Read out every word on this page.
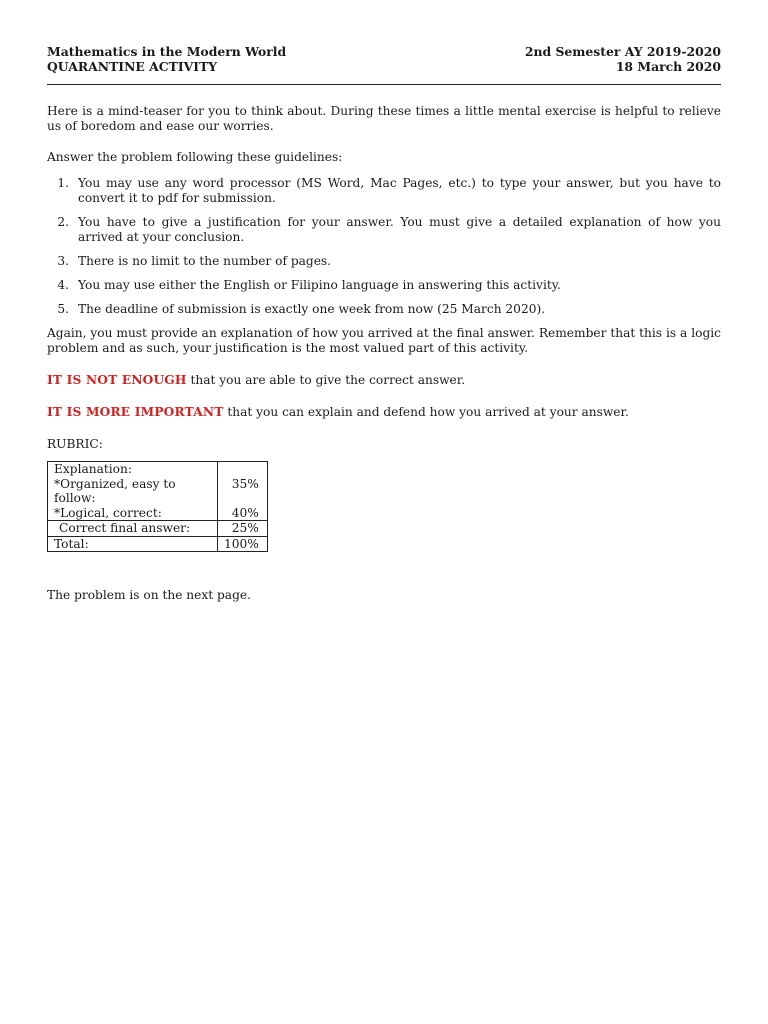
Mathematics in the Modern World
QUARANTINE ACTIVITY
2nd Semester AY 2019-2020
18 March 2020

Here is a mind-teaser for you to think about. During these times a little mental exercise is helpful to relieve us of boredom and ease our worries.

Answer the problem following these guidelines:

1. You may use any word processor (MS Word, Mac Pages, etc.) to type your answer, but you have to convert it to pdf for submission.
2. You have to give a justification for your answer. You must give a detailed explanation of how you arrived at your conclusion.
3. There is no limit to the number of pages.
4. You may use either the English or Filipino language in answering this activity.
5. The deadline of submission is exactly one week from now (25 March 2020).

Again, you must provide an explanation of how you arrived at the final answer. Remember that this is a logic problem and as such, your justification is the most valued part of this activity.

IT IS NOT ENOUGH that you are able to give the correct answer.

IT IS MORE IMPORTANT that you can explain and defend how you arrived at your answer.

RUBRIC:

Explanation:	
*Organized, easy to follow:	35%
*Logical, correct:	40%
Correct final answer:	25%
Total:	100%

The problem is on the next page.
